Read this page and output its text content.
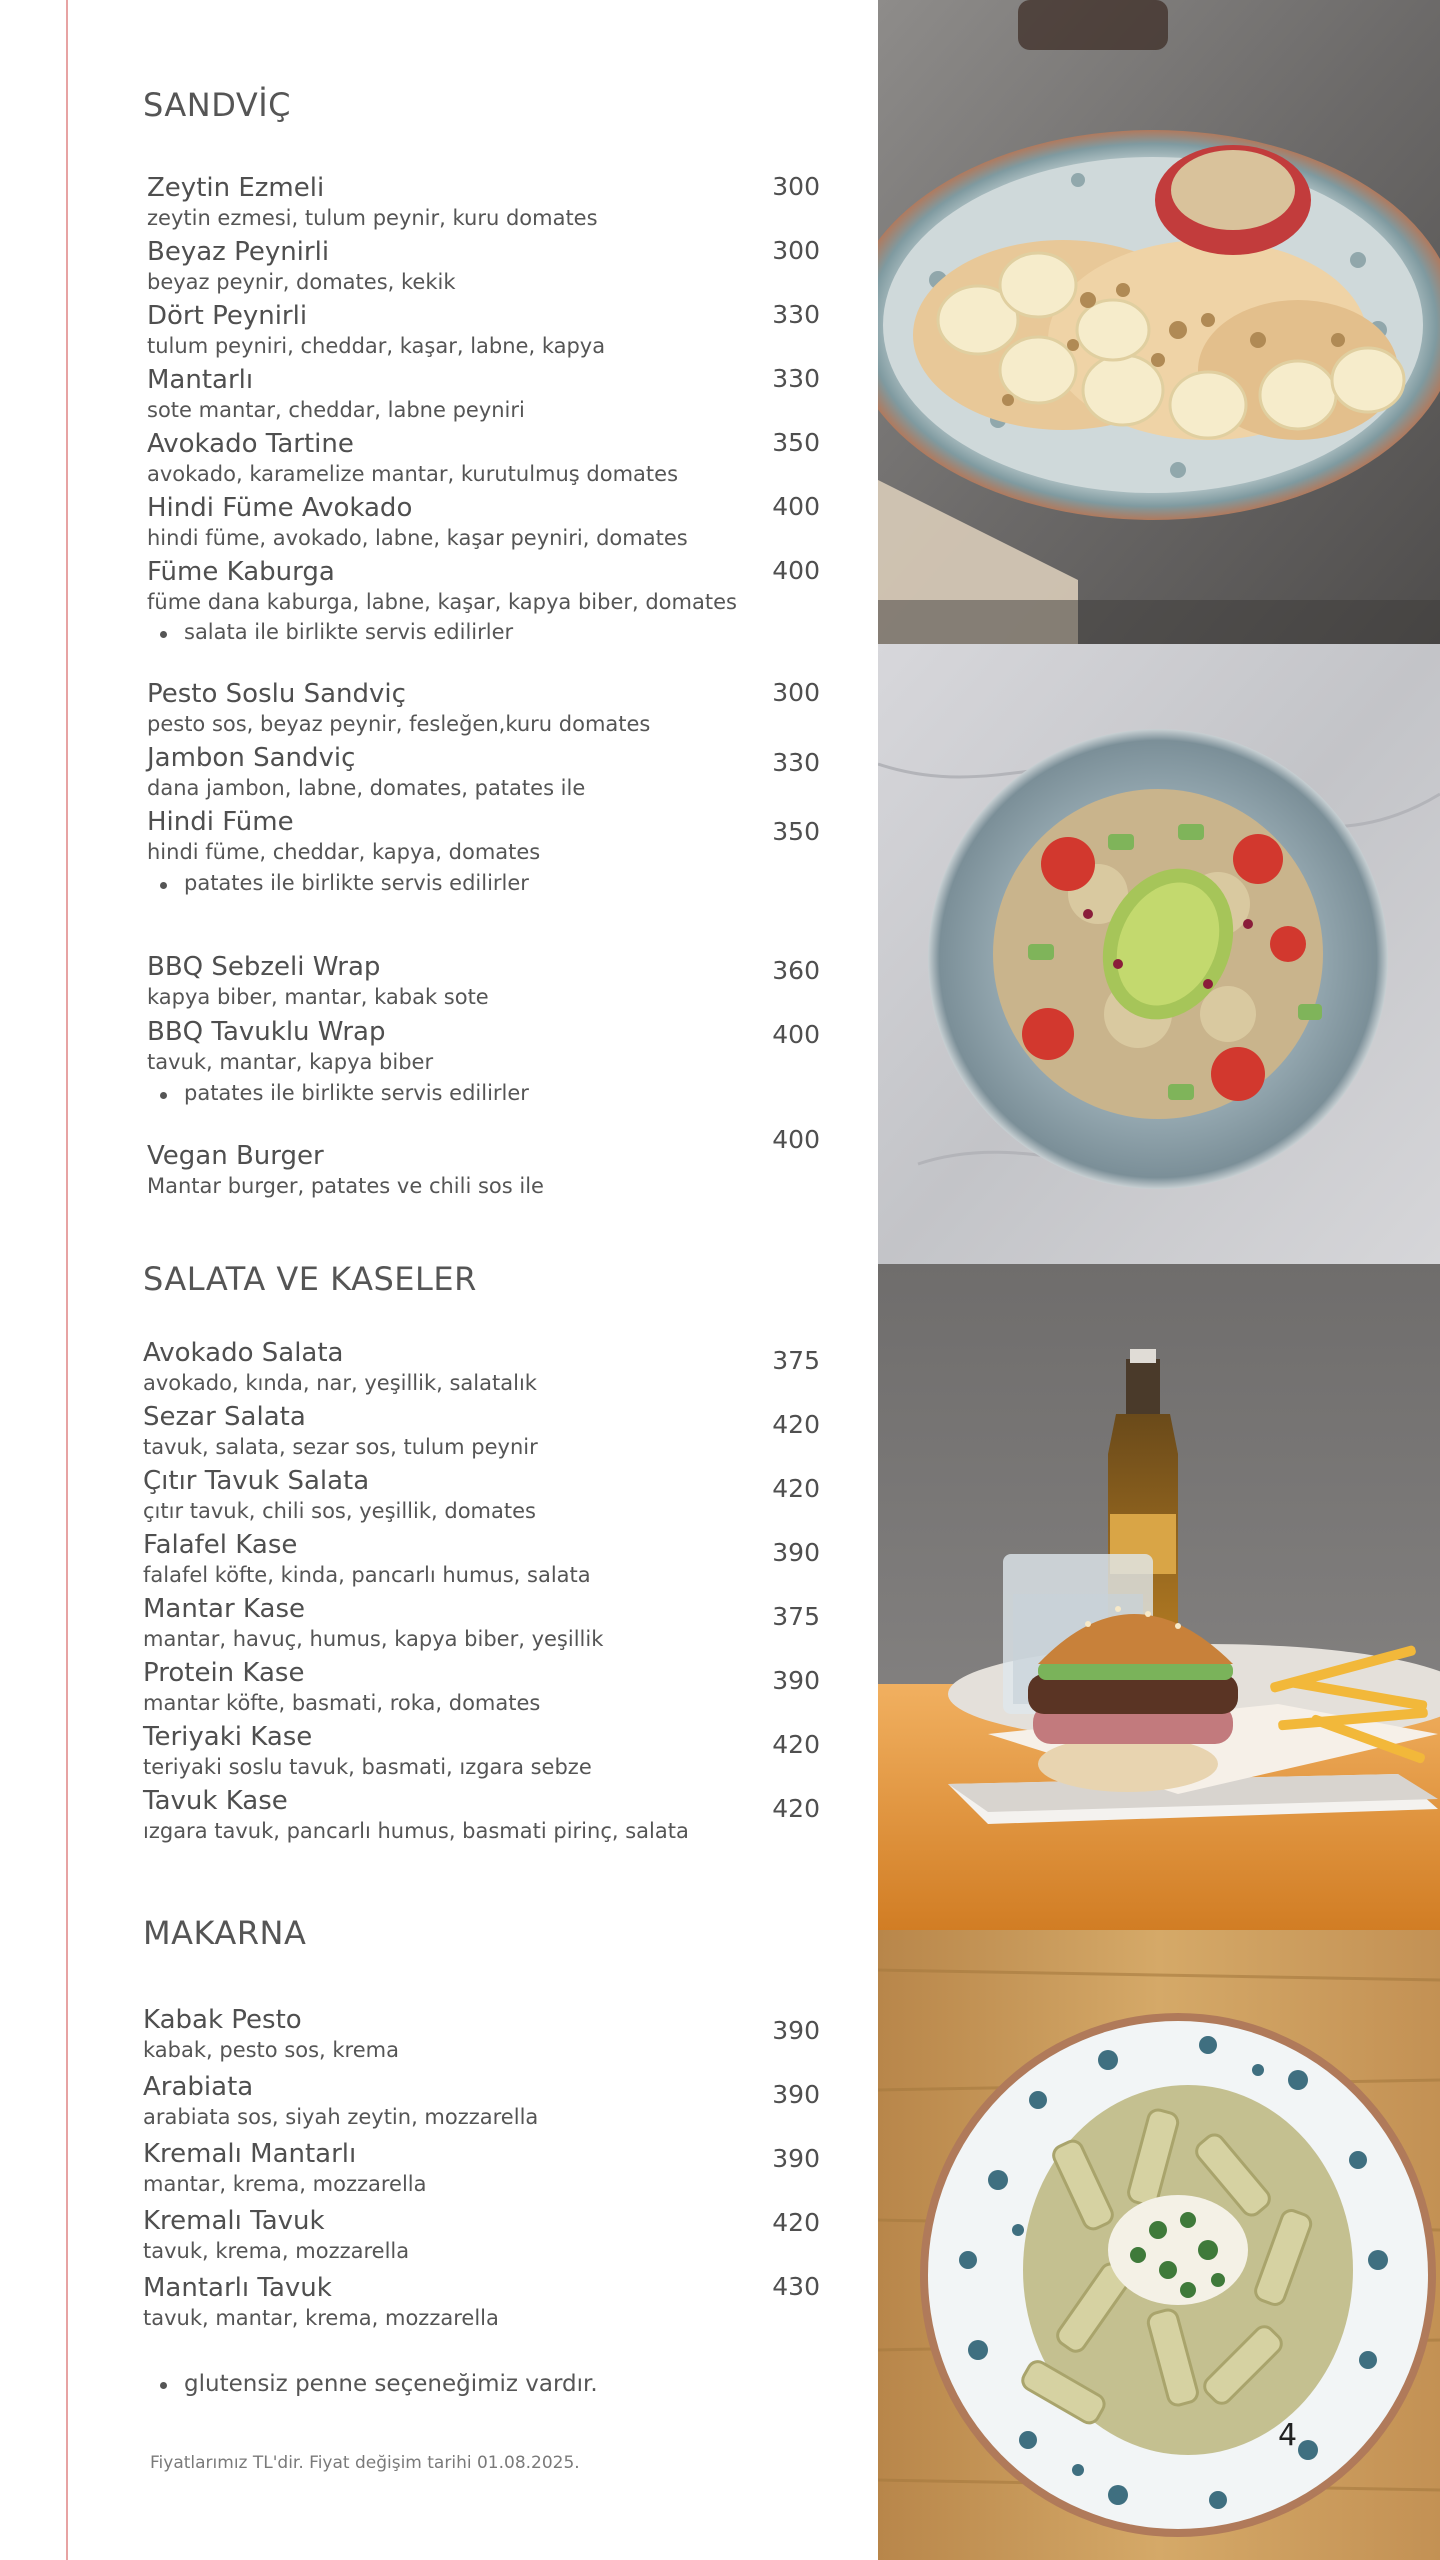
SANDVİÇ
Zeytin Ezmeli
zeytin ezmesi, tulum peynir, kuru domates
300
Beyaz Peynirli
beyaz peynir, domates, kekik
300
Dört Peynirli
tulum peyniri, cheddar, kaşar, labne, kapya
330
Mantarlı
sote mantar, cheddar, labne peyniri
330
Avokado Tartine
avokado, karamelize mantar, kurutulmuş domates
350
Hindi Füme Avokado
hindi füme, avokado, labne, kaşar peyniri, domates
400
Füme Kaburga
füme dana kaburga, labne, kaşar, kapya biber, domates
400
salata ile birlikte servis edilirler
Pesto Soslu Sandviç
pesto sos, beyaz peynir, fesleğen,kuru domates
300
Jambon Sandviç
dana jambon, labne, domates, patates ile
330
Hindi Füme
hindi füme, cheddar, kapya, domates
350
patates ile birlikte servis edilirler
BBQ Sebzeli Wrap
kapya biber, mantar, kabak sote
360
BBQ Tavuklu Wrap
tavuk, mantar, kapya biber
400
patates ile birlikte servis edilirler
Vegan Burger
Mantar burger, patates ve chili sos ile
400
SALATA VE KASELER
Avokado Salata
avokado, kında, nar, yeşillik, salatalık
375
Sezar Salata
tavuk, salata, sezar sos, tulum peynir
420
Çıtır Tavuk Salata
çıtır tavuk, chili sos, yeşillik, domates
420
Falafel Kase
falafel köfte, kinda, pancarlı humus, salata
390
Mantar Kase
mantar, havuç, humus, kapya biber, yeşillik
375
Protein Kase
mantar köfte, basmati, roka, domates
390
Teriyaki Kase
teriyaki soslu tavuk, basmati, ızgara sebze
420
Tavuk Kase
ızgara tavuk, pancarlı humus, basmati pirinç, salata
420
MAKARNA
Kabak Pesto
kabak, pesto sos, krema
390
Arabiata
arabiata sos, siyah zeytin, mozzarella
390
Kremalı Mantarlı
mantar, krema, mozzarella
390
Kremalı Tavuk
tavuk, krema, mozzarella
420
Mantarlı Tavuk
tavuk, mantar, krema, mozzarella
430
glutensiz penne seçeneğimiz vardır.
Fiyatlarımız TL'dir. Fiyat değişim tarihi 01.08.2025.
4
